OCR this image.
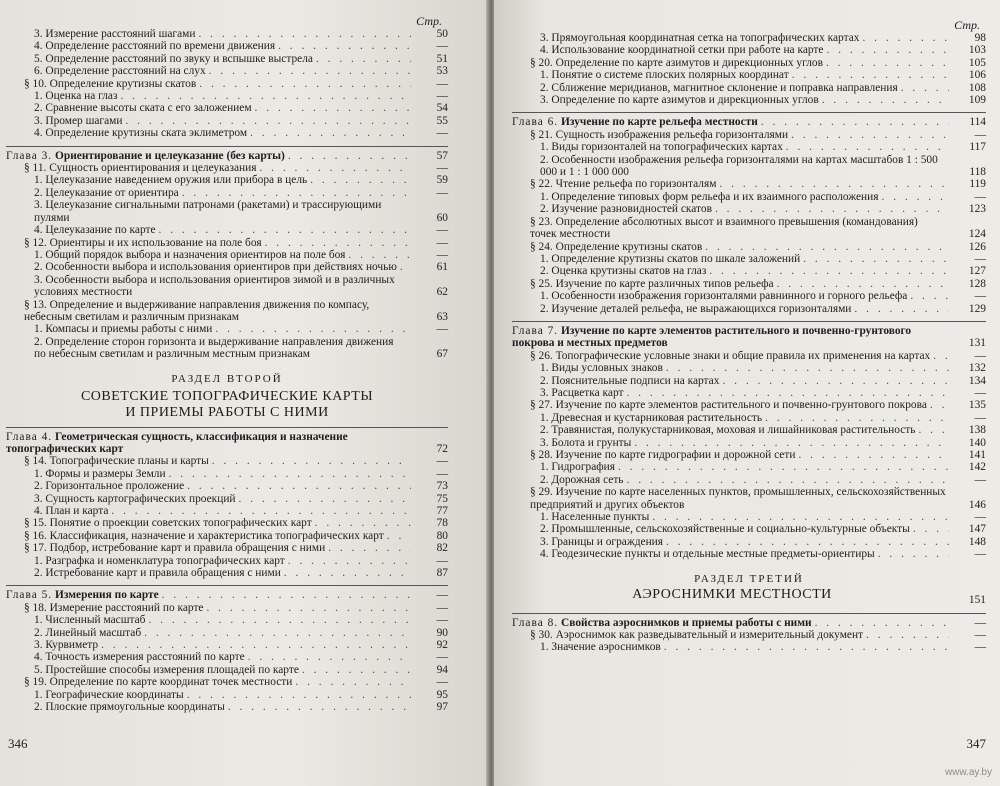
Стр.
3. Измерение расстояний шагами . . .	50
4. Определение расстояний по времени движения . . .	—
5. Определение расстояний по звуку и вспышке выстрела . . .	51
6. Определение расстояний на слух . . .	53
§ 10. Определение крутизны скатов . . .	—
1. Оценка на глаз . . .	—
2. Сравнение высоты ската с его заложением . . .	54
3. Промер шагами . . .	55
4. Определение крутизны ската эклиметром . . .	—
Глава 3. Ориентирование и целеуказание (без карты) . . .	57
§ 11. Сущность ориентирования и целеуказания . . .	—
1. Целеуказание наведением оружия или прибора в цель . . .	59
2. Целеуказание от ориентира . . .	—
3. Целеуказание сигнальными патронами (ракетами) и трассирующими пулями	60
4. Целеуказание по карте . . .	—
§ 12. Ориентиры и их использование на поле боя . . .	—
1. Общий порядок выбора и назначения ориентиров на поле боя . . .	—
2. Особенности выбора и использования ориентиров при действиях ночью . . .	61
3. Особенности выбора и использования ориентиров зимой и в различных условиях местности	62
§ 13. Определение и выдерживание направления движения по компасу, небесным светилам и различным признакам	63
1. Компасы и приемы работы с ними . . .	—
2. Определение сторон горизонта и выдерживание направления движения по небесным светилам и различным местным признакам	67
РАЗДЕЛ ВТОРОЙ
СОВЕТСКИЕ ТОПОГРАФИЧЕСКИЕ КАРТЫ
И ПРИЕМЫ РАБОТЫ С НИМИ
Глава 4. Геометрическая сущность, классификация и назначение топографических карт	72
§ 14. Топографические планы и карты . . .	—
1. Формы и размеры Земли . . .	—
2. Горизонтальное проложение . . .	73
3. Сущность картографических проекций . . .	75
4. План и карта . . .	77
§ 15. Понятие о проекции советских топографических карт . . .	78
§ 16. Классификация, назначение и характеристика топографических карт . . .	80
§ 17. Подбор, истребование карт и правила обращения с ними . . .	82
1. Разграфка и номенклатура топографических карт . . .	—
2. Истребование карт и правила обращения с ними . . .	87
Глава 5. Измерения по карте . . .	—
§ 18. Измерение расстояний по карте . . .	—
1. Численный масштаб . . .	—
2. Линейный масштаб . . .	90
3. Курвиметр . . .	92
4. Точность измерения расстояний по карте . . .	—
5. Простейшие способы измерения площадей по карте . . .	94
§ 19. Определение по карте координат точек местности . . .	—
1. Географические координаты . . .	95
2. Плоские прямоугольные координаты . . .	97
346
Стр.
3. Прямоугольная координатная сетка на топографических картах . . .	98
4. Использование координатной сетки при работе на карте . . .	103
§ 20. Определение по карте азимутов и дирекционных углов . . .	105
1. Понятие о системе плоских полярных координат . . .	106
2. Сближение меридианов, магнитное склонение и поправка направления . . .	108
3. Определение по карте азимутов и дирекционных углов . . .	109
Глава 6. Изучение по карте рельефа местности . . .	114
§ 21. Сущность изображения рельефа горизонталями . . .	—
1. Виды горизонталей на топографических картах . . .	117
2. Особенности изображения рельефа горизонталями на картах масштабов 1 : 500 000 и 1 : 1 000 000	118
§ 22. Чтение рельефа по горизонталям . . .	119
1. Определение типовых форм рельефа и их взаимного расположения . . .	—
2. Изучение разновидностей скатов . . .	123
§ 23. Определение абсолютных высот и взаимного превышения (командования) точек местности	124
§ 24. Определение крутизны скатов . . .	126
1. Определение крутизны скатов по шкале заложений . . .	—
2. Оценка крутизны скатов на глаз . . .	127
§ 25. Изучение по карте различных типов рельефа . . .	128
1. Особенности изображения горизонталями равнинного и горного рельефа . . .	—
2. Изучение деталей рельефа, не выражающихся горизонталями . . .	129
Глава 7. Изучение по карте элементов растительного и почвенно-грунтового покрова и местных предметов	131
§ 26. Топографические условные знаки и общие правила их применения на картах . . .	—
1. Виды условных знаков . . .	132
2. Пояснительные подписи на картах . . .	134
3. Расцветка карт . . .	—
§ 27. Изучение по карте элементов растительного и почвенно-грунтового покрова . . .	135
1. Древесная и кустарниковая растительность . . .	—
2. Травянистая, полукустарниковая, моховая и лишайниковая растительность . . .	138
3. Болота и грунты . . .	140
§ 28. Изучение по карте гидрографии и дорожной сети . . .	141
1. Гидрография . . .	142
2. Дорожная сеть . . .	—
§ 29. Изучение по карте населенных пунктов, промышленных, сельскохозяйственных предприятий и других объектов	146
1. Населенные пункты . . .	—
2. Промышленные, сельскохозяйственные и социально-культурные объекты . . .	147
3. Границы и ограждения . . .	148
4. Геодезические пункты и отдельные местные предметы-ориентиры . . .	—
РАЗДЕЛ ТРЕТИЙ
АЭРОСНИМКИ МЕСТНОСТИ	151
Глава 8. Свойства аэроснимков и приемы работы с ними . . .	—
§ 30. Аэроснимок как разведывательный и измерительный документ . . .	—
1. Значение аэроснимков . . .	—
347
www.ay.by
